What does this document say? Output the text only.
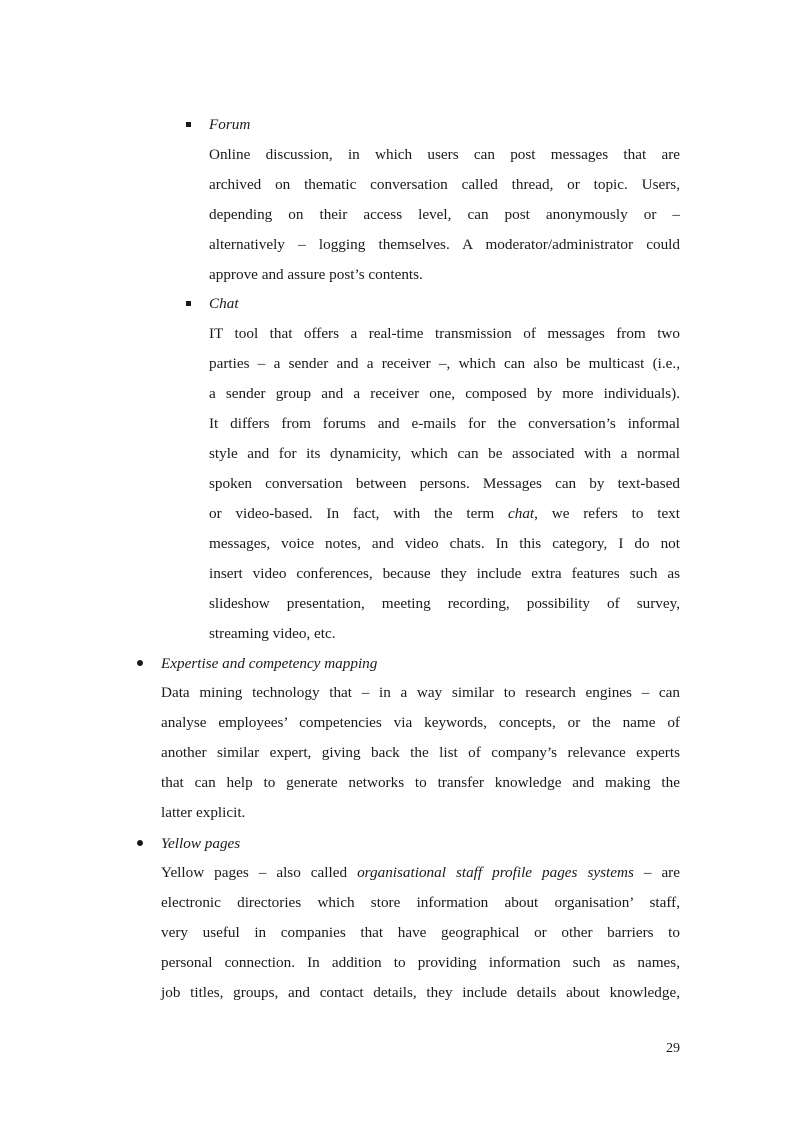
Forum
Online discussion, in which users can post messages that are
archived on thematic conversation called thread, or topic. Users,
depending on their access level, can post anonymously or –
alternatively – logging themselves. A moderator/administrator could
approve and assure post’s contents.
Chat
IT tool that offers a real-time transmission of messages from two
parties – a sender and a receiver –, which can also be multicast (i.e.,
a sender group and a receiver one, composed by more individuals).
It differs from forums and e-mails for the conversation’s informal
style and for its dynamicity, which can be associated with a normal
spoken conversation between persons. Messages can by text-based
or video-based. In fact, with the term chat, we refers to text
messages, voice notes, and video chats. In this category, I do not
insert video conferences, because they include extra features such as
slideshow presentation, meeting recording, possibility of survey,
streaming video, etc.
Expertise and competency mapping
Data mining technology that – in a way similar to research engines – can
analyse employees’ competencies via keywords, concepts, or the name of
another similar expert, giving back the list of company’s relevance experts
that can help to generate networks to transfer knowledge and making the
latter explicit.
Yellow pages
Yellow pages – also called organisational staff profile pages systems – are
electronic directories which store information about organisation’ staff,
very useful in companies that have geographical or other barriers to
personal connection. In addition to providing information such as names,
job titles, groups, and contact details, they include details about knowledge,
29
